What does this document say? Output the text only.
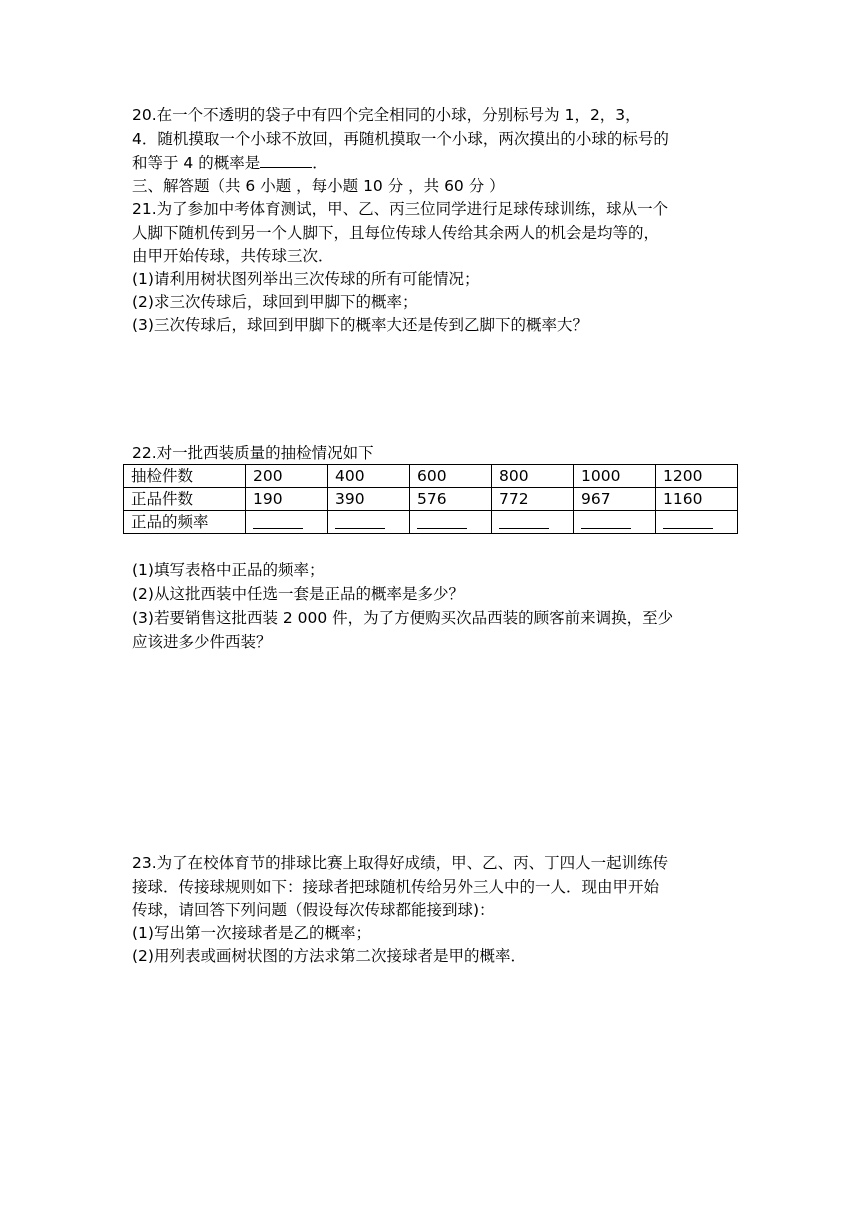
20.在一个不透明的袋子中有四个完全相同的小球，分别标号为 1，2，3，
4．随机摸取一个小球不放回，再随机摸取一个小球，两次摸出的小球的标号的
和等于 4 的概率是	．
三、解答题（共 6 小题 ，每小题 10 分 ，共 60 分 ）
21.为了参加中考体育测试，甲、乙、丙三位同学进行足球传球训练，球从一个
人脚下随机传到另一个人脚下，且每位传球人传给其余两人的机会是均等的，
由甲开始传球，共传球三次．
(1)请利用树状图列举出三次传球的所有可能情况；
(2)求三次传球后，球回到甲脚下的概率；
(3)三次传球后，球回到甲脚下的概率大还是传到乙脚下的概率大？
22.对一批西装质量的抽检情况如下
抽检件数	200	400	600	800	1000	1200
正品件数	190	390	576	772	967	1160
正品的频率						
(1)填写表格中正品的频率；
(2)从这批西装中任选一套是正品的概率是多少？
(3)若要销售这批西装 2 000 件，为了方便购买次品西装的顾客前来调换，至少
应该进多少件西装？
23.为了在校体育节的排球比赛上取得好成绩，甲、乙、丙、丁四人一起训练传
接球．传接球规则如下：接球者把球随机传给另外三人中的一人．现由甲开始
传球，请回答下列问题（假设每次传球都能接到球)：
(1)写出第一次接球者是乙的概率；
(2)用列表或画树状图的方法求第二次接球者是甲的概率．
